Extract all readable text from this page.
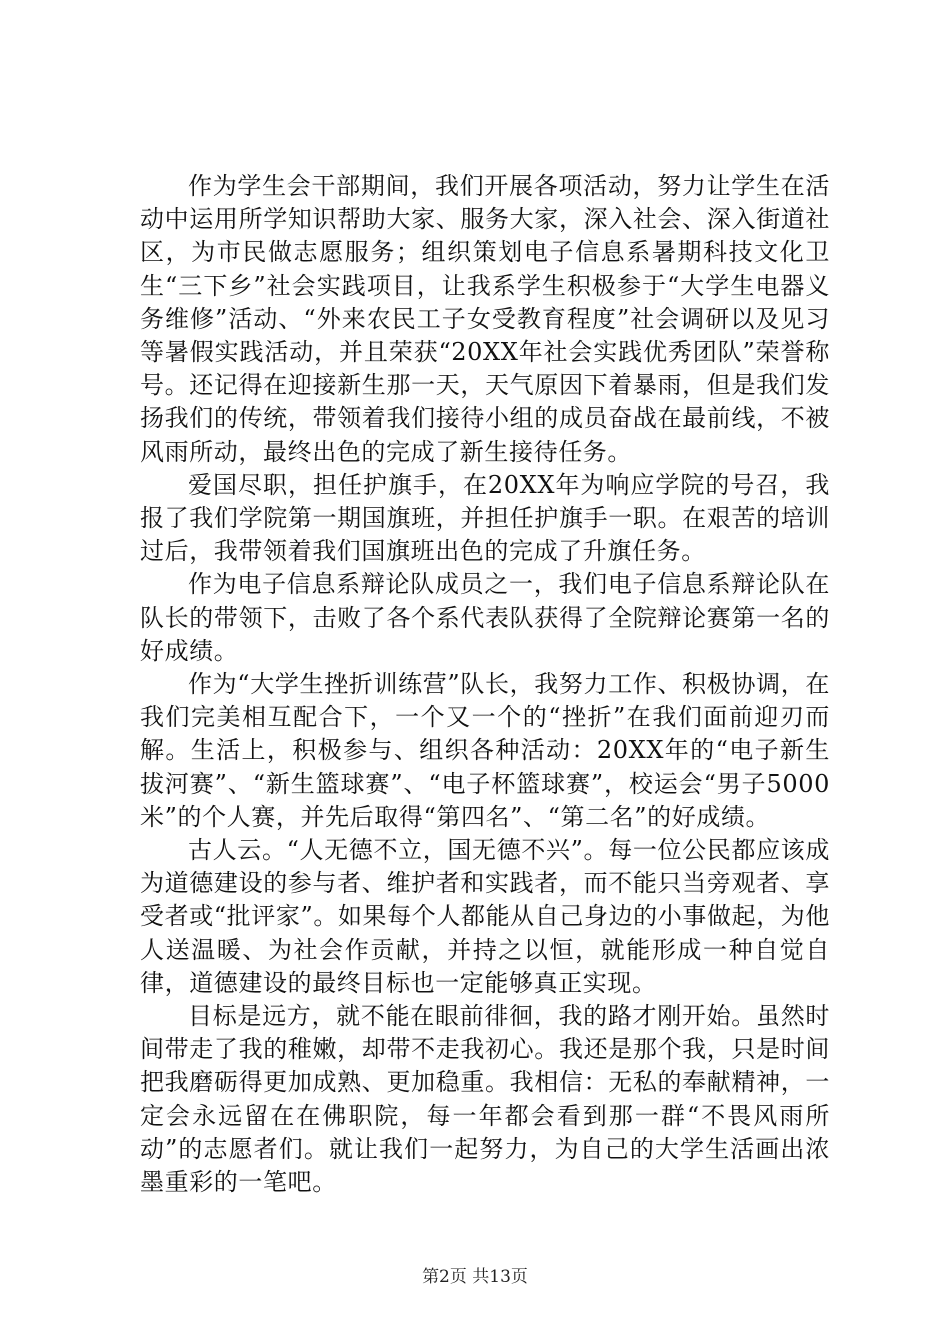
作为学生会干部期间，我们开展各项活动，努力让学生在活动中运用所学知识帮助大家、服务大家，深入社会、深入街道社区，为市民做志愿服务；组织策划电子信息系暑期科技文化卫生“三下乡”社会实践项目，让我系学生积极参于“大学生电器义务维修”活动、“外来农民工子女受教育程度”社会调研以及见习等暑假实践活动，并且荣获“20XX年社会实践优秀团队”荣誉称号。还记得在迎接新生那一天，天气原因下着暴雨，但是我们发扬我们的传统，带领着我们接待小组的成员奋战在最前线，不被风雨所动，最终出色的完成了新生接待任务。

爱国尽职，担任护旗手，在20XX年为响应学院的号召，我报了我们学院第一期国旗班，并担任护旗手一职。在艰苦的培训过后，我带领着我们国旗班出色的完成了升旗任务。

作为电子信息系辩论队成员之一，我们电子信息系辩论队在队长的带领下，击败了各个系代表队获得了全院辩论赛第一名的好成绩。

作为“大学生挫折训练营”队长，我努力工作、积极协调，在我们完美相互配合下，一个又一个的“挫折”在我们面前迎刃而解。生活上，积极参与、组织各种活动：20XX年的“电子新生拔河赛”、“新生篮球赛”、“电子杯篮球赛”，校运会“男子5000米”的个人赛，并先后取得“第四名”、“第二名”的好成绩。

古人云。“人无德不立，国无德不兴”。每一位公民都应该成为道德建设的参与者、维护者和实践者，而不能只当旁观者、享受者或“批评家”。如果每个人都能从自己身边的小事做起，为他人送温暖、为社会作贡献，并持之以恒，就能形成一种自觉自律，道德建设的最终目标也一定能够真正实现。

目标是远方，就不能在眼前徘徊，我的路才刚开始。虽然时间带走了我的稚嫩，却带不走我初心。我还是那个我，只是时间把我磨砺得更加成熟、更加稳重。我相信：无私的奉献精神，一定会永远留在在佛职院，每一年都会看到那一群“不畏风雨所动”的志愿者们。就让我们一起努力，为自己的大学生活画出浓墨重彩的一笔吧。

第2页 共13页
